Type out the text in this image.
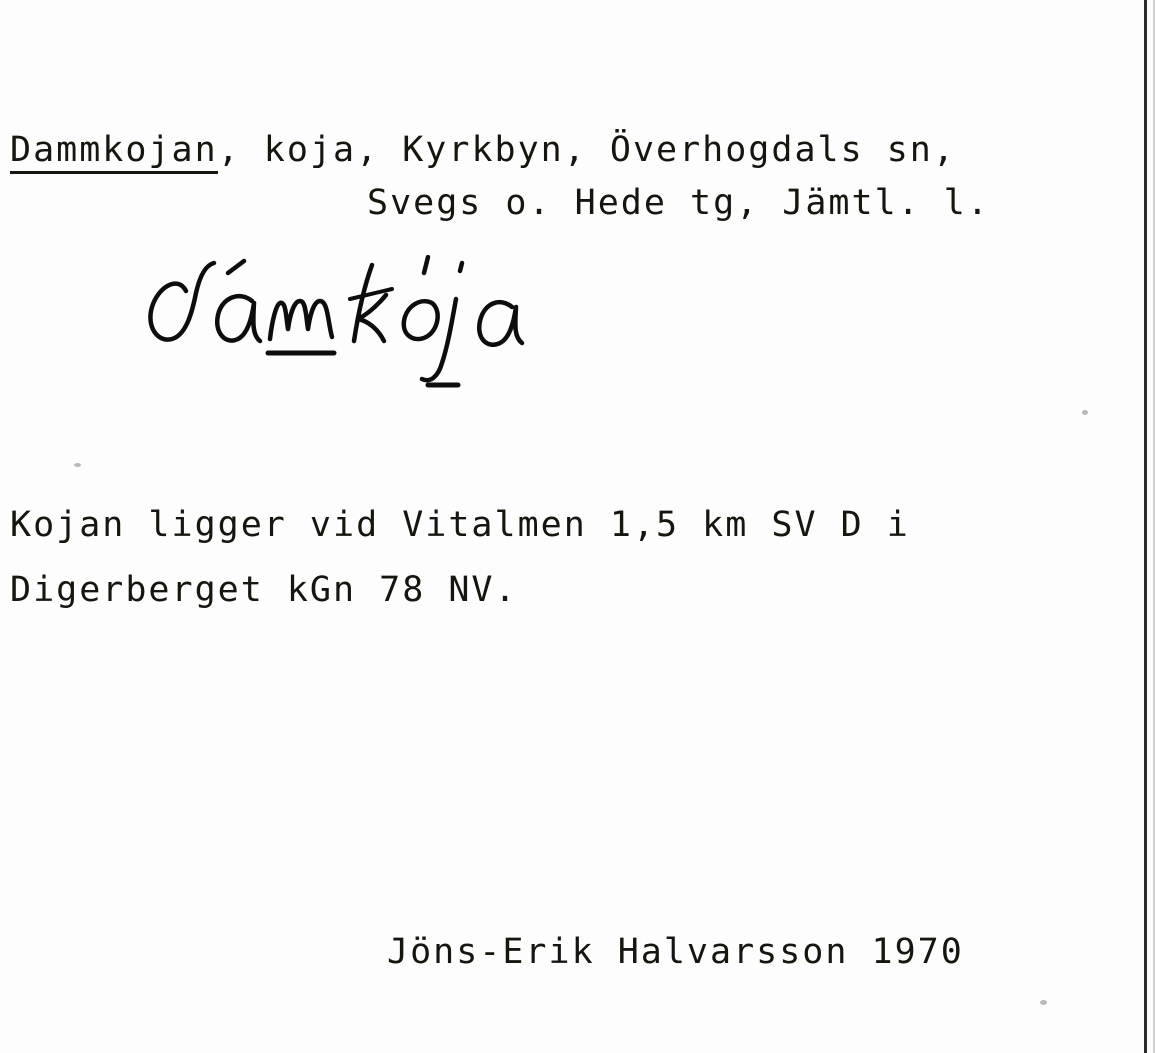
Dammkojan, koja, Kyrkbyn, Överhogdals sn,
Svegs o. Hede tg, Jämtl. l.
Kojan ligger vid Vitalmen 1,5 km SV D i
Digerberget kGn 78 NV.
Jöns-Erik Halvarsson 1970
